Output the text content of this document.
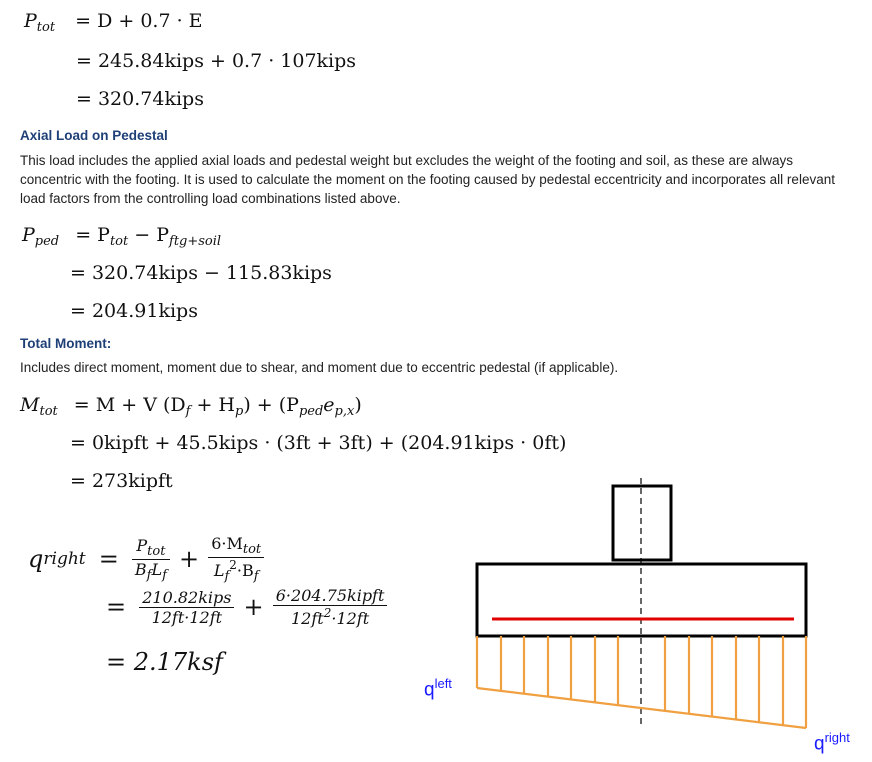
$P_{tot} = D + 0.7 \cdot E$
= 245.84kips + 0.7 · 107kips
= 320.74kips
Axial Load on Pedestal
This load includes the applied axial loads and pedestal weight but excludes the weight of the footing and soil, as these are always concentric with the footing. It is used to calculate the moment on the footing caused by pedestal eccentricity and incorporates all relevant load factors from the controlling load combinations listed above.
$P_{ped} = P_{tot} - P_{ftg+soil}$
= 320.74kips − 115.83kips
= 204.91kips
Total Moment:
Includes direct moment, moment due to shear, and moment due to eccentric pedestal (if applicable).
$M_{tot} = M + V$ $(D_f + H_p) + (P_{ped}e_{p,x})$
= 0kipft + 45.5kips · (3ft + 3ft) + (204.91kips · 0ft)
= 273kipft
qright = $\frac{P_{tot}}{B_fL_f} + \frac{6\cdot M_{tot}}{L_f^2\cdot B_f}$
= $\frac{\text{210.82kips}}{12ft\cdot 12ft} + \frac{\text{6·204.75kipft}}{12ft^2\cdot 12ft}$
= 2.17ksf
$q^{left}$
$q^{right}$
